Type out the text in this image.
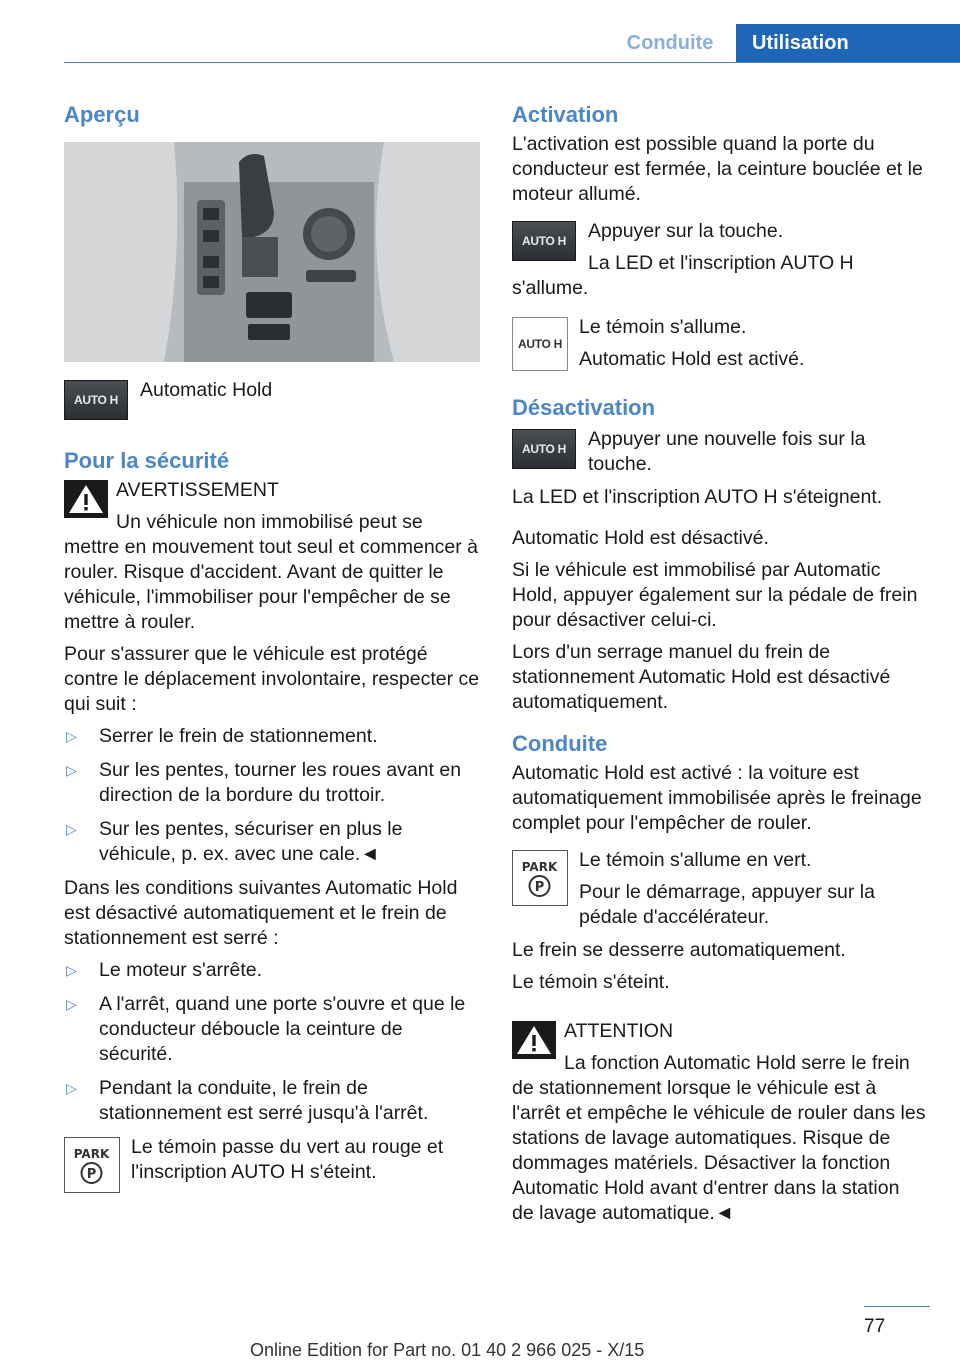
Conduite	Utilisation
Aperçu
AUTO H	Automatic Hold
Pour la sécurité
AVERTISSEMENT
Un véhicule non immobilisé peut se mettre en mouvement tout seul et commencer à rouler. Risque d'accident. Avant de quitter le véhicule, l'immobiliser pour l'empêcher de se mettre à rouler.

Pour s'assurer que le véhicule est protégé contre le déplacement involontaire, respecter ce qui suit :

▷ Serrer le frein de stationnement.
▷ Sur les pentes, tourner les roues avant en direction de la bordure du trottoir.
▷ Sur les pentes, sécuriser en plus le véhicule, p. ex. avec une cale.◄

Dans les conditions suivantes Automatic Hold est désactivé automatiquement et le frein de stationnement est serré :

▷ Le moteur s'arrête.
▷ A l'arrêt, quand une porte s'ouvre et que le conducteur déboucle la ceinture de sécurité.
▷ Pendant la conduite, le frein de stationnement est serré jusqu'à l'arrêt.
PARK
P
Le témoin passe du vert au rouge et l'inscription AUTO H s'éteint.
Activation

L'activation est possible quand la porte du conducteur est fermée, la ceinture bouclée et le moteur allumé.

AUTO H	Appuyer sur la touche.
La LED et l'inscription AUTO H s'allume.
AUTO H
Le témoin s'allume.
Automatic Hold est activé.
Désactivation
AUTO H	Appuyer une nouvelle fois sur la touche.

La LED et l'inscription AUTO H s'éteignent.

Automatic Hold est désactivé.

Si le véhicule est immobilisé par Automatic Hold, appuyer également sur la pédale de frein pour désactiver celui-ci.

Lors d'un serrage manuel du frein de stationnement Automatic Hold est désactivé automatiquement.

Conduite

Automatic Hold est activé : la voiture est automatiquement immobilisée après le freinage complet pour l'empêcher de rouler.

PARK
P
Le témoin s'allume en vert.
Pour le démarrage, appuyer sur la pédale d'accélérateur.

Le frein se desserre automatiquement.

Le témoin s'éteint.

ATTENTION
La fonction Automatic Hold serre le frein de stationnement lorsque le véhicule est à l'arrêt et empêche le véhicule de rouler dans les stations de lavage automatiques. Risque de dommages matériels. Désactiver la fonction Automatic Hold avant d'entrer dans la station de lavage automatique.◄
77
Online Edition for Part no. 01 40 2 966 025 - X/15
